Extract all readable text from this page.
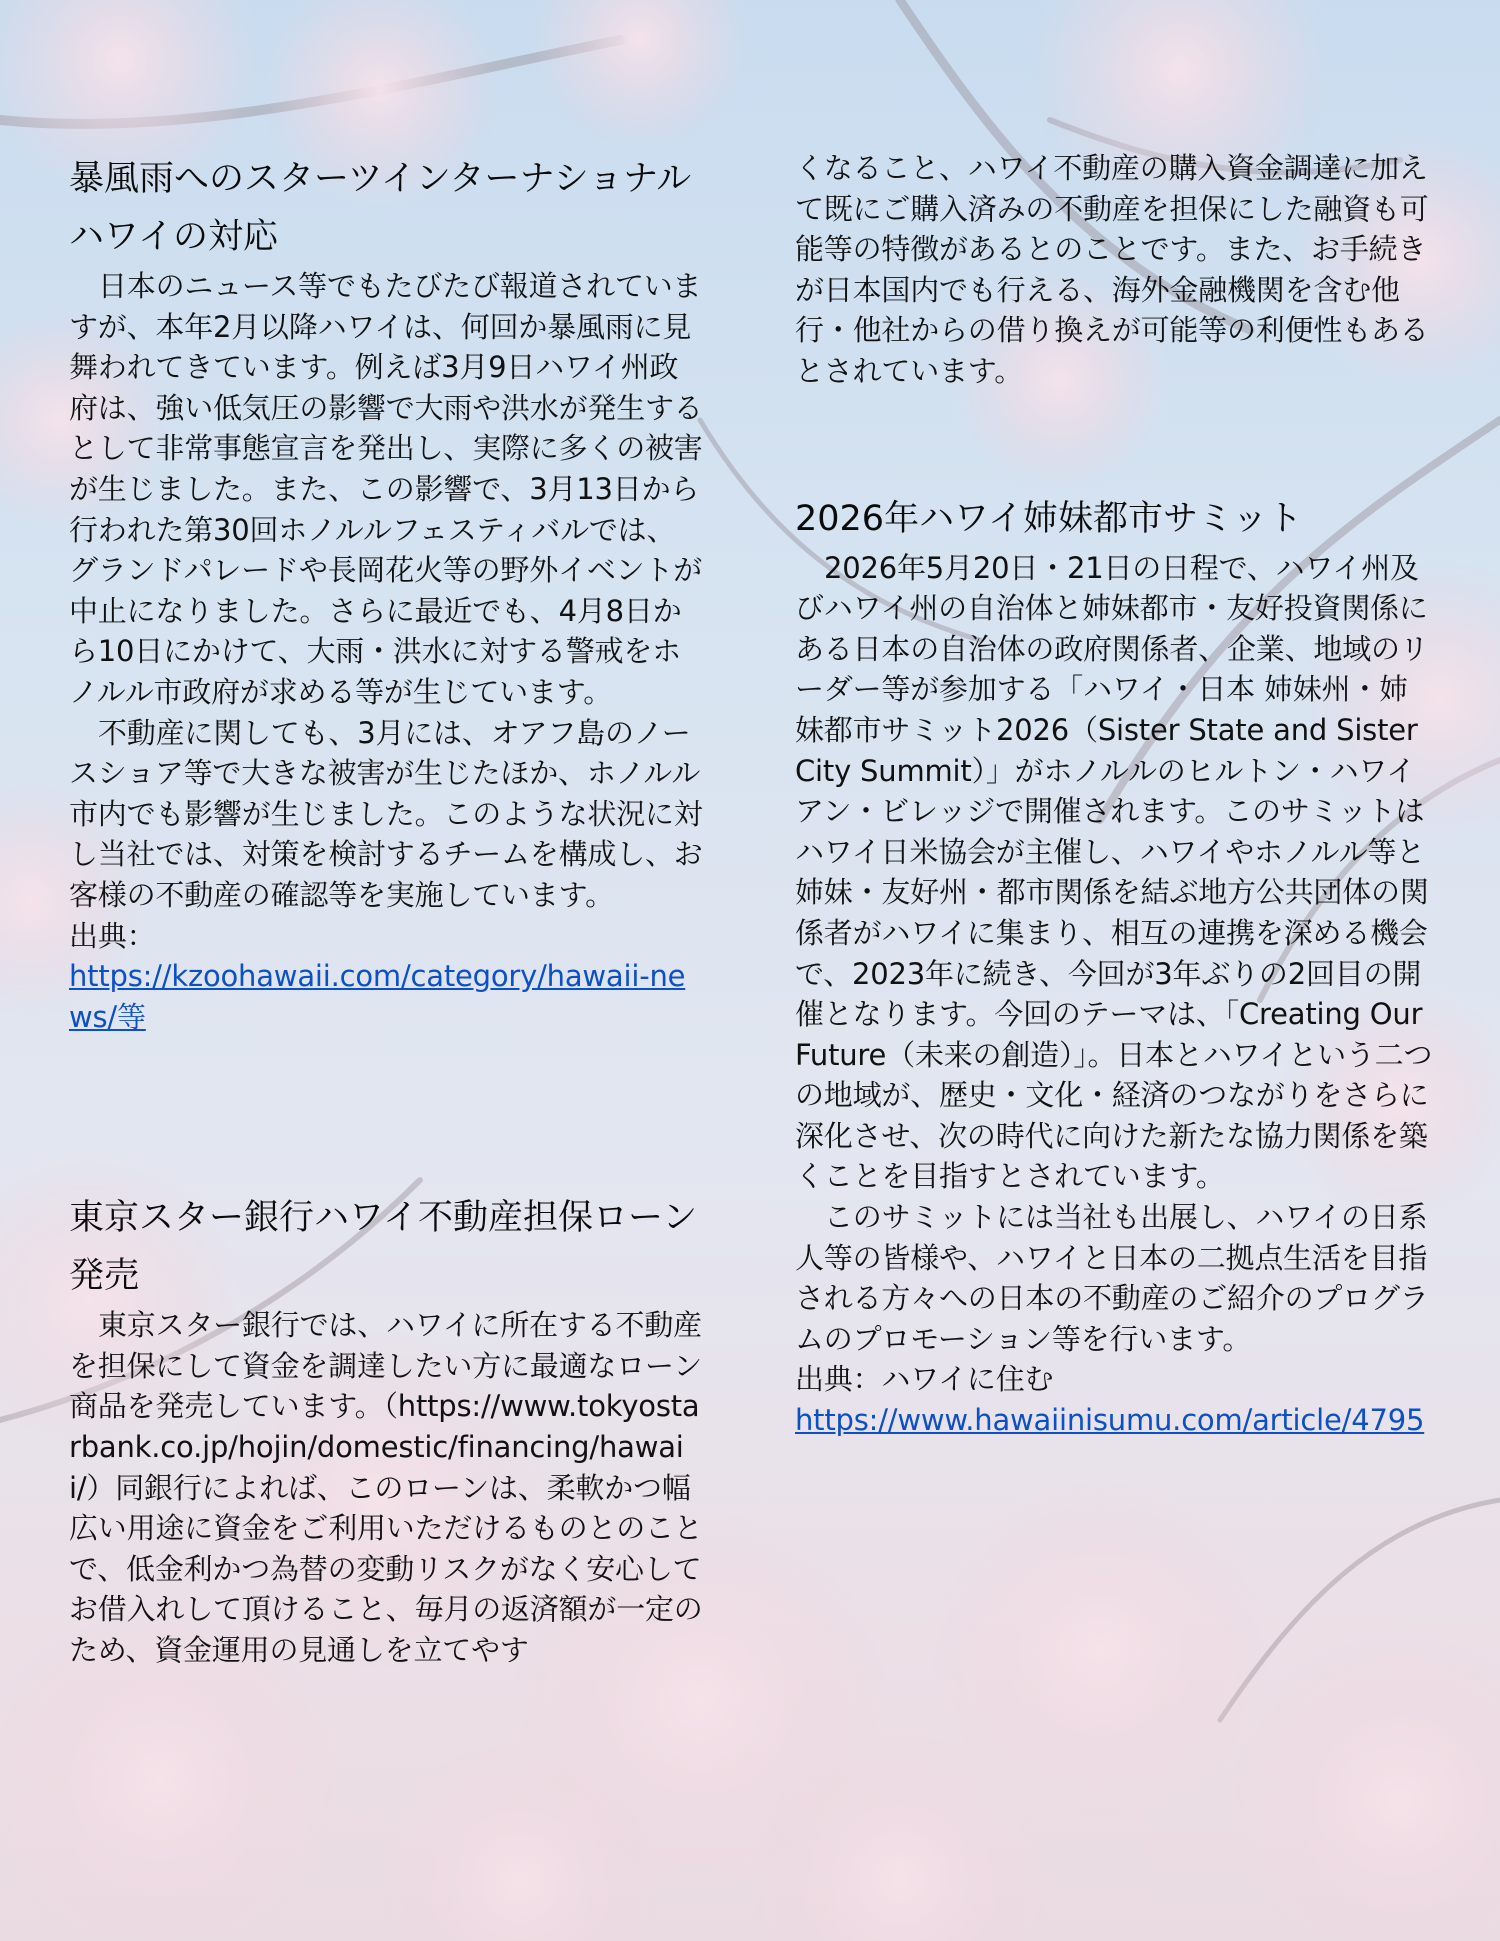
暴風雨へのスターツインターナショナルハワイの対応

日本のニュース等でもたびたび報道されていますが、本年2月以降ハワイは、何回か暴風雨に見舞われてきています。例えば3月9日ハワイ州政府は、強い低気圧の影響で大雨や洪水が発生するとして非常事態宣言を発出し、実際に多くの被害が生じました。また、この影響で、3月13日から行われた第30回ホノルルフェスティバルでは、グランドパレードや長岡花火等の野外イベントが中止になりました。さらに最近でも、4月8日から10日にかけて、大雨・洪水に対する警戒をホノルル市政府が求める等が生じています。

不動産に関しても、3月には、オアフ島のノースショア等で大きな被害が生じたほか、ホノルル市内でも影響が生じました。このような状況に対し当社では、対策を検討するチームを構成し、お客様の不動産の確認等を実施しています。

出典：

https://kzoohawaii.com/category/hawaii-news/等

東京スター銀行ハワイ不動産担保ローン発売

東京スター銀行では、ハワイに所在する不動産を担保にして資金を調達したい方に最適なローン商品を発売しています。（https://www.tokyostarbank.co.jp/hojin/domestic/financing/hawaii/）同銀行によれば、このローンは、柔軟かつ幅広い用途に資金をご利用いただけるものとのことで、低金利かつ為替の変動リスクがなく安心してお借入れして頂けること、毎月の返済額が一定のため、資金運用の見通しを立てやす

くなること、ハワイ不動産の購入資金調達に加えて既にご購入済みの不動産を担保にした融資も可能等の特徴があるとのことです。また、お手続きが日本国内でも行える、海外金融機関を含む他行・他社からの借り換えが可能等の利便性もあるとされています。

2026年ハワイ姉妹都市サミット

2026年5月20日・21日の日程で、ハワイ州及びハワイ州の自治体と姉妹都市・友好投資関係にある日本の自治体の政府関係者、企業、地域のリーダー等が参加する「ハワイ・日本 姉妹州・姉妹都市サミット2026（Sister State and Sister City Summit）」がホノルルのヒルトン・ハワイアン・ビレッジで開催されます。このサミットはハワイ日米協会が主催し、ハワイやホノルル等と姉妹・友好州・都市関係を結ぶ地方公共団体の関係者がハワイに集まり、相互の連携を深める機会で、2023年に続き、今回が3年ぶりの2回目の開催となります。今回のテーマは、「Creating Our Future（未来の創造）」。日本とハワイという二つの地域が、歴史・文化・経済のつながりをさらに深化させ、次の時代に向けた新たな協力関係を築くことを目指すとされています。

このサミットには当社も出展し、ハワイの日系人等の皆様や、ハワイと日本の二拠点生活を目指される方々への日本の不動産のご紹介のプログラムのプロモーション等を行います。

出典：ハワイに住む

https://www.hawaiinisumu.com/article/4795
